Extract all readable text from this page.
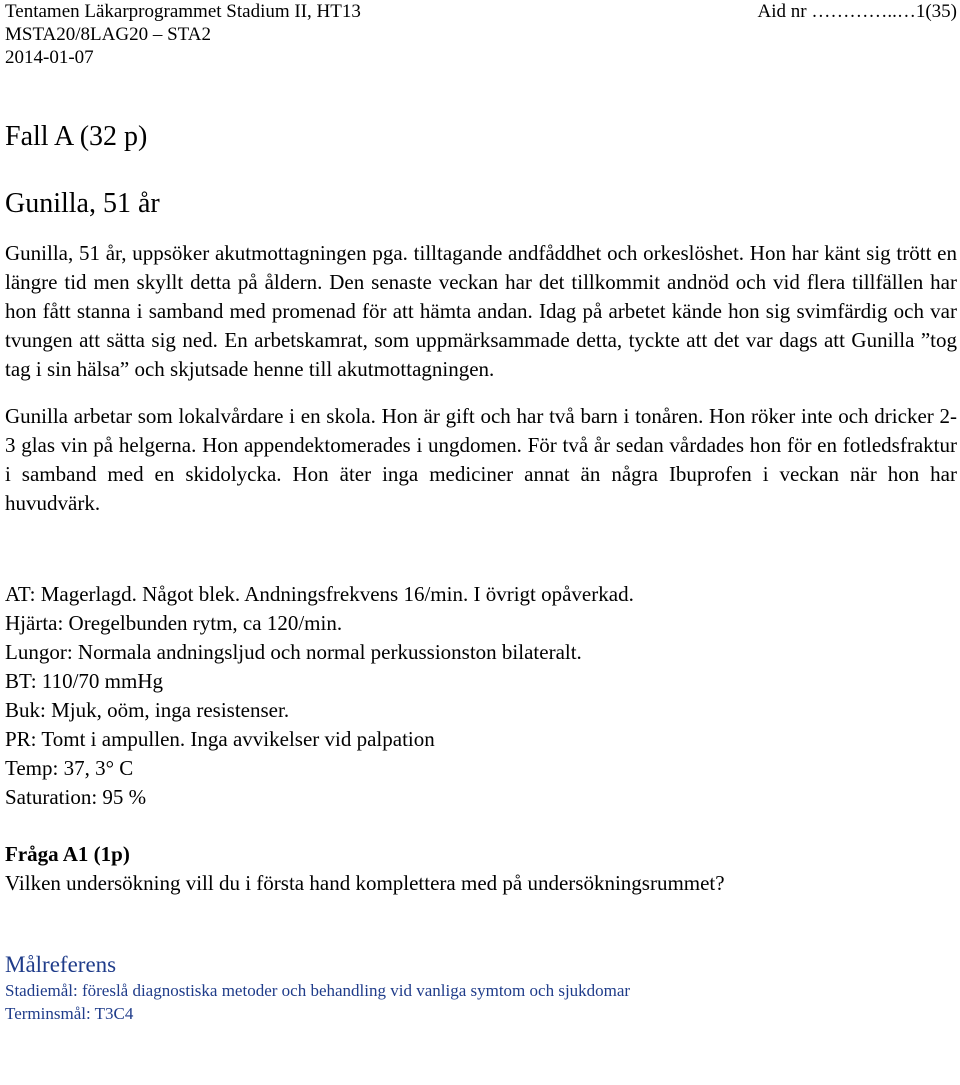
Tentamen Läkarprogrammet Stadium II, HT13
MSTA20/8LAG20 – STA2
2014-01-07
Aid nr …………..…1(35)
Fall A (32 p)
Gunilla, 51 år

Gunilla, 51 år, uppsöker akutmottagningen pga. tilltagande andfåddhet och orkeslöshet. Hon har känt sig trött en längre tid men skyllt detta på åldern. Den senaste veckan har det tillkommit andnöd och vid flera tillfällen har hon fått stanna i samband med promenad för att hämta andan. Idag på arbetet kände hon sig svimfärdig och var tvungen att sätta sig ned. En arbetskamrat, som uppmärksammade detta, tyckte att det var dags att Gunilla ”tog tag i sin hälsa” och skjutsade henne till akutmottagningen.

Gunilla arbetar som lokalvårdare i en skola. Hon är gift och har två barn i tonåren. Hon röker inte och dricker 2-3 glas vin på helgerna. Hon appendektomerades i ungdomen. För två år sedan vårdades hon för en fotledsfraktur i samband med en skidolycka. Hon äter inga mediciner annat än några Ibuprofen i veckan när hon har huvudvärk.

AT: Magerlagd. Något blek. Andningsfrekvens 16/min. I övrigt opåverkad.
Hjärta: Oregelbunden rytm, ca 120/min.
Lungor: Normala andningsljud och normal perkussionston bilateralt.
BT: 110/70 mmHg
Buk: Mjuk, oöm, inga resistenser.
PR: Tomt i ampullen. Inga avvikelser vid palpation
Temp: 37, 3° C
Saturation: 95 %
Fråga A1 (1p)
Vilken undersökning vill du i första hand komplettera med på undersökningsrummet?
Målreferens
Stadiemål: föreslå diagnostiska metoder och behandling vid vanliga symtom och sjukdomar
Terminsmål: T3C4
